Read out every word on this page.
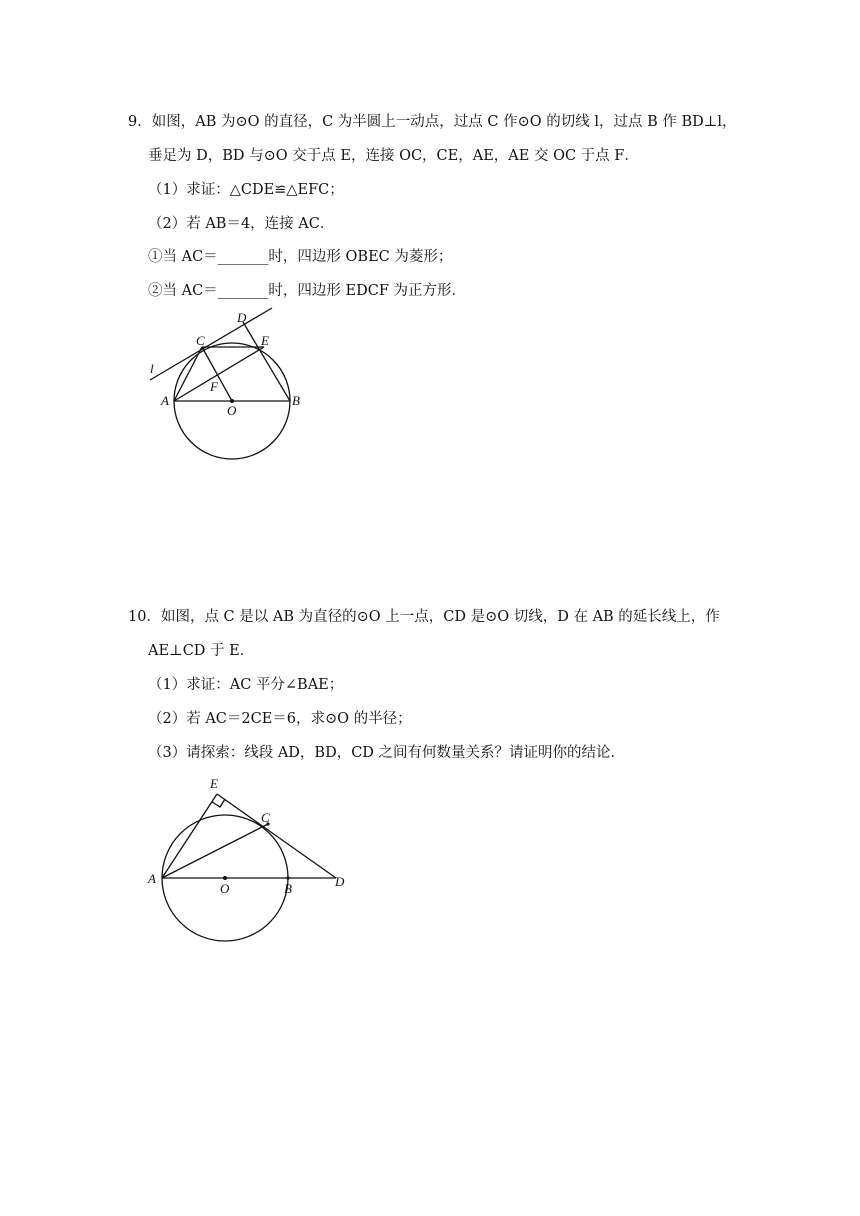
9．如图，AB 为⊙O 的直径，C 为半圆上一动点，过点 C 作⊙O 的切线 l，过点 B 作 BD⊥l，
垂足为 D，BD 与⊙O 交于点 E，连接 OC，CE，AE，AE 交 OC 于点 F．
（1）求证：△CDE≌△EFC；
（2）若 AB＝4，连接 AC．
①当 AC＝_______时，四边形 OBEC 为菱形；
②当 AC＝_______时，四边形 EDCF 为正方形．
D
C	E
l
F
A
O
B
10．如图，点 C 是以 AB 为直径的⊙O 上一点，CD 是⊙O 切线，D 在 AB 的延长线上，作
AE⊥CD 于 E．
（1）求证：AC 平分∠BAE；
（2）若 AC＝2CE＝6，求⊙O 的半径；
（3）请探索：线段 AD，BD，CD 之间有何数量关系？请证明你的结论．
E
C
A
O	B	D
